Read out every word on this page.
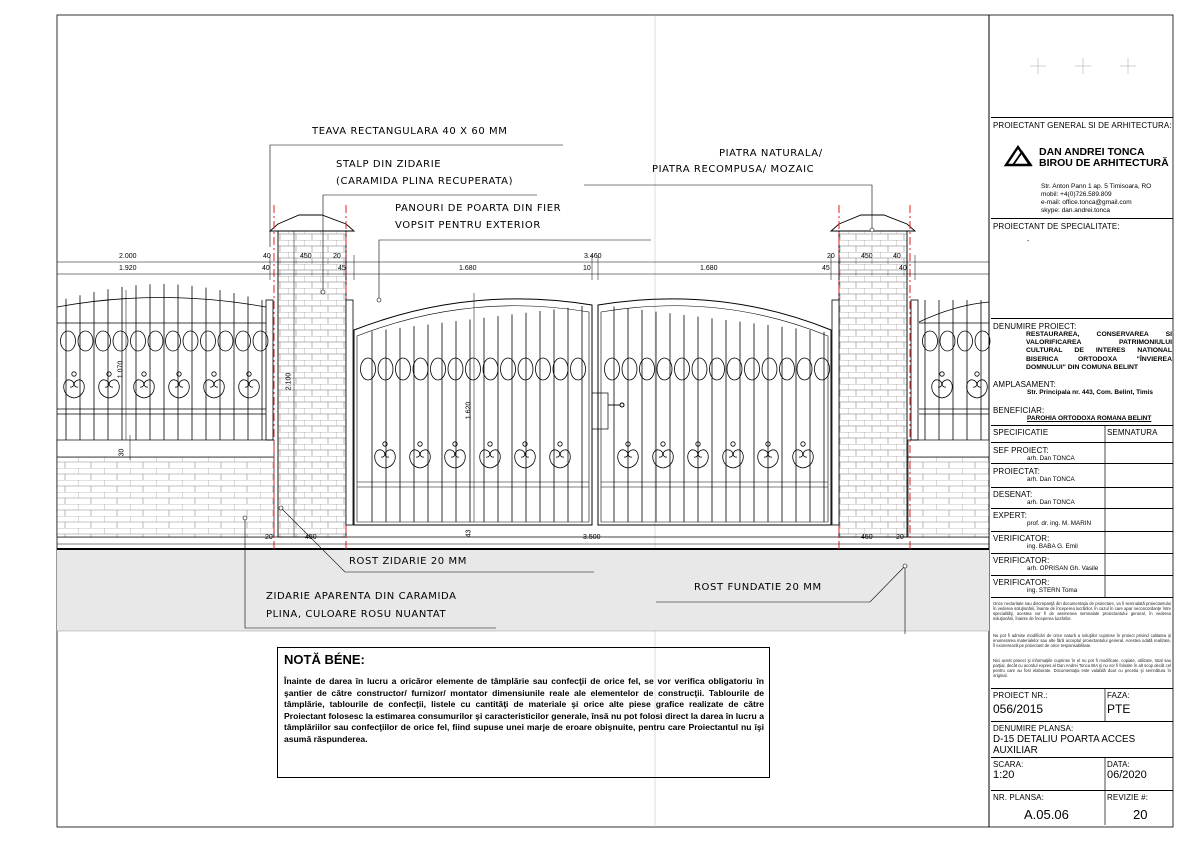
TEAVA RECTANGULARA 40 X 60 MM
STALP DIN ZIDARIE
(CARAMIDA PLINA RECUPERATA)
PANOURI DE POARTA DIN FIER
VOPSIT PENTRU EXTERIOR
PIATRA NATURALA/
PIATRA RECOMPUSA/ MOZAIC
ROST ZIDARIE 20 MM
ROST FUNDATIE 20 MM
ZIDARIE APARENTA DIN CARAMIDA
PLINA, CULOARE ROSU NUANTAT
2.000
1.920
40
40
450	20
45
3.460
1.680	10	1.680
20
45
450	40
40
1.070
2.100
1.620
30
43
20	450	3.500	450	20
NOTĂ BÉNE:
Înainte de darea în lucru a oricăror elemente de tâmplărie sau confecţii de orice fel, se vor verifica obligatoriu în şantier de către constructor/ furnizor/ montator dimensiunile reale ale elementelor de construcţii. Tablourile de tâmplărie, tablourile de confecţii, listele cu cantităţi de materiale şi orice alte piese grafice realizate de către Proiectant folosesc la estimarea consumurilor şi caracteristicilor generale, însă nu pot folosi direct la darea în lucru a tâmplăriilor sau confecţiilor de orice fel, fiind supuse unei marje de eroare obişnuite, pentru care Proiectantul nu îşi asumă răspunderea.
PROIECTANT GENERAL SI DE ARHITECTURA:
DAN ANDREI TONCA
BIROU DE ARHITECTURĂ
Str. Anton Pann 1 ap. 5 Timisoara, RO
mobil: +4(0)726.589.809
e-mail: office.tonca@gmail.com
skype: dan.andrei.tonca
PROIECTANT DE SPECIALITATE:
-
DENUMIRE PROIECT:
RESTAURAREA, CONSERVAREA SI
VALORIFICAREA PATRIMONIULUI
CULTURAL DE INTERES NATIONAL
BISERICA ORTODOXA "ÎNVIEREA
DOMNULUI" DIN COMUNA BELINT
AMPLASAMENT:
Str. Principala nr. 443, Com. Belint, Timis
BENEFICIAR:
PAROHIA ORTODOXA ROMANA BELINT
SPECIFICATIE	SEMNATURA
SEF PROIECT:
arh. Dan TONCA
PROIECTAT:
arh. Dan TONCA
DESENAT:
arh. Dan TONCA
EXPERT:
prof. dr. ing. M. MARIN
VERIFICATOR:
ing. BABA G. Emil
VERIFICATOR:
arh. OPRISAN Gh. Vasile
VERIFICATOR:
ing. STERN Toma
Orice neclaritate sau discrepanţă din documentaţia de proiectare, va fi semnalată proiectantului în vederea soluţionării, înainte de începerea lucrărilor. În cazul în care apar neconcordanţe între specialităţi, acestea vor fi de asemenea semnalate proiectantului general, în vederea soluţionării, înainte de începerea lucrărilor.
Nu pot fi admise modificări de orice natură a soluţiilor cuprinse în proiect privind calitatea şi enumerarea materialelor sau alte fără acceptul proiectantului general. Acestea odată realizate, îl exonerează pe proiectant de orice responsabilitate.
Nici acest proiect şi informaţiile cuprinse în el nu pot fi modificate, copiate, utilizate, total sau parţial, decât cu acordul expres al Dan Andrei Tonca BIA şi nu vor fi folosite în alt scop decât cel pentru care au fost elaborate. Documentaţia este valabilă doar cu pecetia şi semnătura în original.
PROIECT NR.:
056/2015
FAZA:
PTE
DENUMIRE PLANSA:
D-15 DETALIU POARTA ACCES
AUXILIAR
SCARA:
1:20
DATA:
06/2020
NR. PLANSA:
A.05.06
REVIZIE #:
20
